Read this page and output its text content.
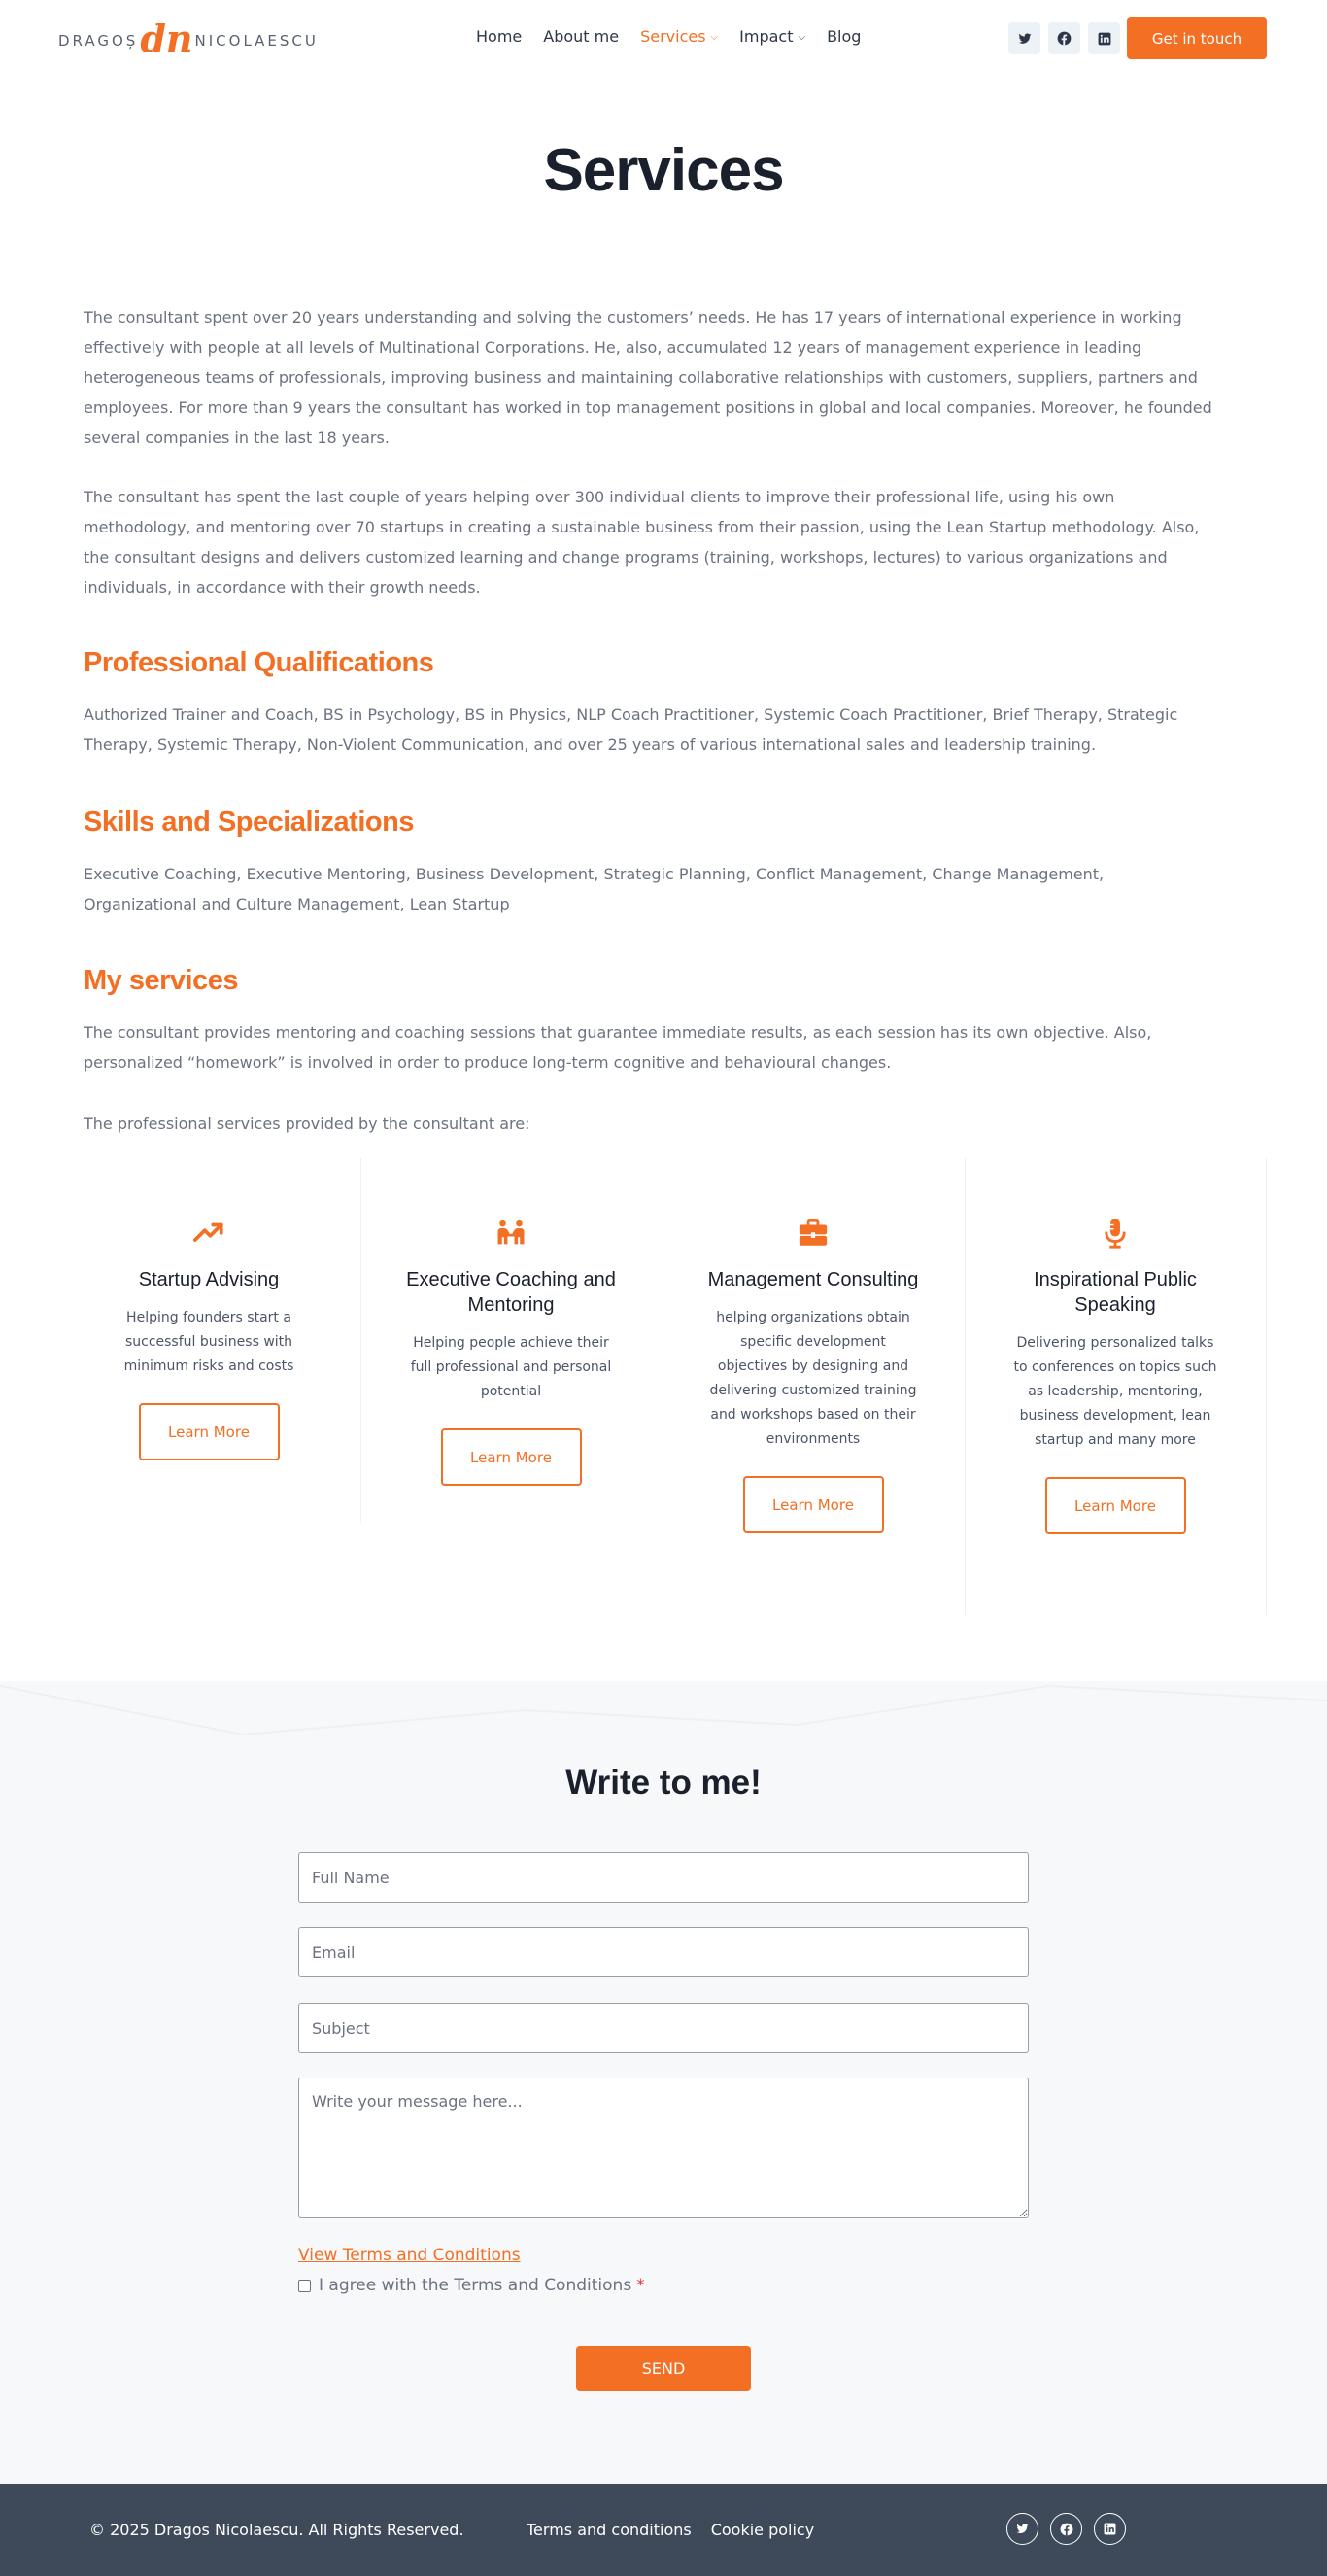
DRAGOȘ dn NICOLAESCU	Home About me Services ⌵ Impact ⌵ Blog	Get in touch
Services

The consultant spent over 20 years understanding and solving the customers’ needs. He has 17 years of international experience in working effectively with people at all levels of Multinational Corporations. He, also, accumulated 12 years of management experience in leading heterogeneous teams of professionals, improving business and maintaining collaborative relationships with customers, suppliers, partners and employees. For more than 9 years the consultant has worked in top management positions in global and local companies. Moreover, he founded several companies in the last 18 years.

The consultant has spent the last couple of years helping over 300 individual clients to improve their professional life, using his own methodology, and mentoring over 70 startups in creating a sustainable business from their passion, using the Lean Startup methodology. Also, the consultant designs and delivers customized learning and change programs (training, workshops, lectures) to various organizations and individuals, in accordance with their growth needs.

Professional Qualifications

Authorized Trainer and Coach, BS in Psychology, BS in Physics, NLP Coach Practitioner, Systemic Coach Practitioner, Brief Therapy, Strategic Therapy, Systemic Therapy, Non-Violent Communication, and over 25 years of various international sales and leadership training.

Skills and Specializations

Executive Coaching, Executive Mentoring, Business Development, Strategic Planning, Conflict Management, Change Management, Organizational and Culture Management, Lean Startup

My services

The consultant provides mentoring and coaching sessions that guarantee immediate results, as each session has its own objective. Also, personalized “homework” is involved in order to produce long-term cognitive and behavioural changes.

The professional services provided by the consultant are:

Startup Advising
Helping founders start a successful business with minimum risks and costs
Learn More
Executive Coaching and Mentoring
Helping people achieve their full professional and personal potential
Learn More
Management Consulting
helping organizations obtain specific development objectives by designing and delivering customized training and workshops based on their environments
Learn More
Inspirational Public Speaking
Delivering personalized talks to conferences on topics such as leadership, mentoring, business development, lean startup and many more
Learn More
Write to me!
Full Name
Email
Subject
Write your message here...
View Terms and Conditions
I agree with the Terms and Conditions *
SEND
© 2025 Dragos Nicolaescu. All Rights Reserved.	Terms and conditions Cookie policy
